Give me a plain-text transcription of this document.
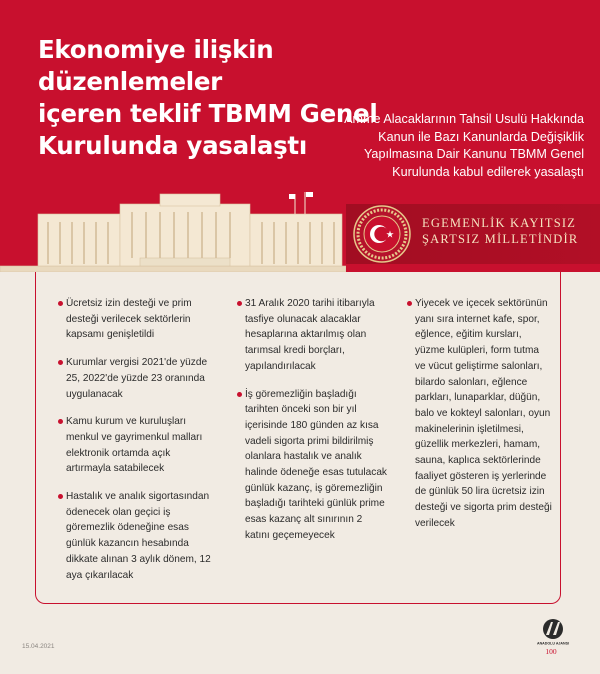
Ekonomiye ilişkin düzenlemeler
içeren teklif TBMM Genel
Kurulunda yasalaştı
Amme Alacaklarının Tahsil Usulü Hakkında
Kanun ile Bazı Kanunlarda Değişiklik
Yapılmasına Dair Kanunu TBMM Genel
Kurulunda kabul edilerek yasalaştı
EGEMENLİK KAYITSIZ
ŞARTSIZ MİLLETİNDİR
Ücretsiz izin desteği ve prim desteği verilecek sektörlerin kapsamı genişletildi
Kurumlar vergisi 2021'de yüzde 25, 2022'de yüzde 23 oranında uygulanacak
Kamu kurum ve kuruluşları menkul ve gayrimenkul malları elektronik ortamda açık artırmayla satabilecek
Hastalık ve analık sigortasından ödenecek olan geçici iş göremezlik ödeneğine esas günlük kazancın hesabında dikkate alınan 3 aylık dönem, 12 aya çıkarılacak
31 Aralık 2020 tarihi itibarıyla tasfiye olunacak alacaklar hesaplarına aktarılmış olan tarımsal kredi borçları, yapılandırılacak
İş göremezliğin başladığı tarihten önceki son bir yıl içerisinde 180 günden az kısa vadeli sigorta primi bildirilmiş olanlara hastalık ve analık halinde ödeneğe esas tutulacak günlük kazanç, iş göremezliğin başladığı tarihteki günlük prime esas kazanç alt sınırının 2 katını geçemeyecek
Yiyecek ve içecek sektörünün yanı sıra internet kafe, spor, eğlence, eğitim kursları, yüzme kulüpleri, form tutma ve vücut geliştirme salonları, bilardo salonları, eğlence parkları, lunaparklar, düğün, balo ve kokteyl salonları, oyun makinelerinin işletilmesi, güzellik merkezleri, hamam, sauna, kaplıca sektörlerinde faaliyet gösteren iş yerlerinde de günlük 50 lira ücretsiz izin desteği ve sigorta prim desteği verilecek
15.04.2021	ANADOLU AJANSI
100
